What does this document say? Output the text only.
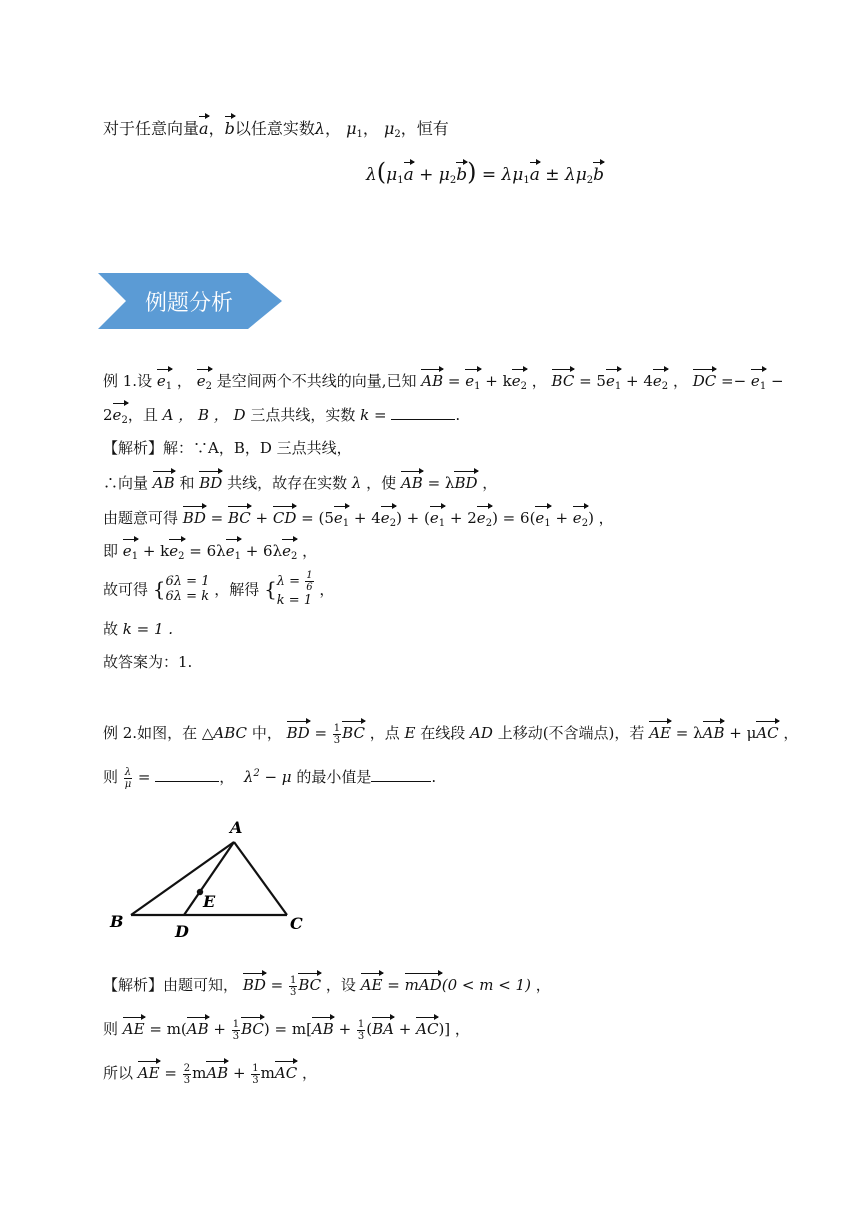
对于任意向量a，b以任意实数λ， $\mu_1$， $\mu_2$，恒有
$\lambda(\mu_1a + \mu_2b) = \lambda\mu_1a \pm \lambda\mu_2b$
例题分析
例 1.设 $e_1$ ， $e_2$ 是空间两个不共线的向量,已知 AB = $e_1 + ke_2$ ， BC = $5e_1 + 4e_2$ ， DC =− $e_1$ −
$2e_2$，且 A ， B ， D 三点共线，实数 k =	.
【解析】解：∵A，B，D 三点共线，
∴向量 AB 和 BD 共线，故存在实数 λ ，使 AB = λBD ，
由题意可得 BD = BC + CD = $(5e_1 + 4e_2) + (e_1 + 2e_2) = 6(e_1 + e_2)$ ，
即 $e_1 + ke_2 = 6\lambda e_1 + 6\lambda e_2$ ，
故可得 { 6λ = 1
6λ = k ，解得 { $\lambda = \frac{1}{6}$
k = 1
，
故 k = 1 .
故答案为：1.
例 2.如图，在 △ABC 中， BD = $\frac{1}{3}$ BC ，点 E 在线段 AD 上移动(不含端点)，若 AE = λAB + μAC ，
则 $\frac{\lambda}{\mu}$ =	， $\lambda^2 - \mu$ 的最小值是	.
A
B	C
D
E
【解析】由题可知， BD = $\frac{1}{3}$ BC ，设 AE = mAD(0 < m < 1) ，
则 AE = $m(AB + \frac{1}{3} BC) = m[AB + \frac{1}{3} (BA + AC)]$ ，
所以 AE = $\frac{2}{3}$ mAB + $\frac{1}{3}$ mAC ，
